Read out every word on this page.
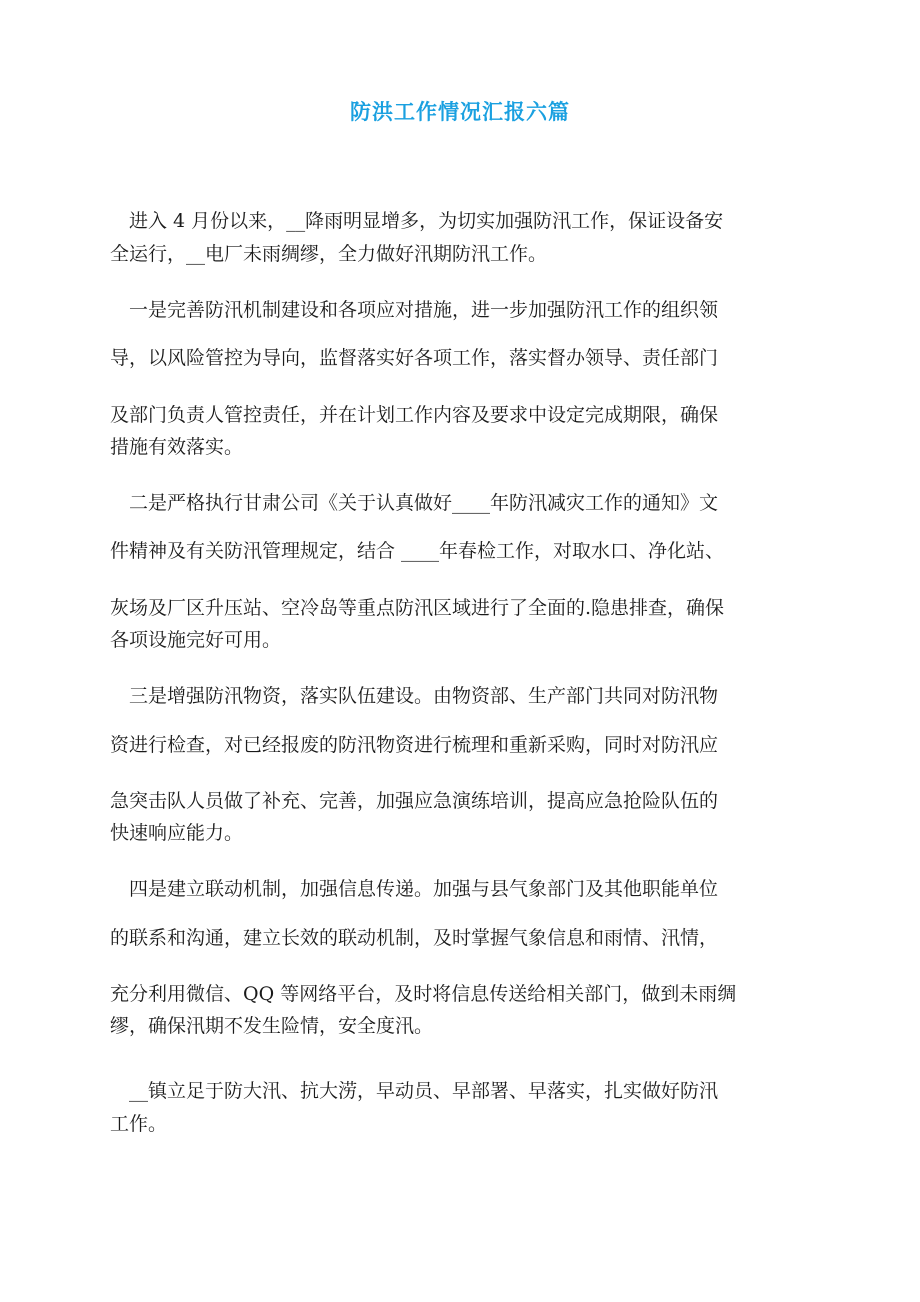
防洪工作情况汇报六篇

　进入 4 月份以来，__降雨明显增多，为切实加强防汛工作，保证设备安

全运行，__电厂未雨绸缪，全力做好汛期防汛工作。

　一是完善防汛机制建设和各项应对措施，进一步加强防汛工作的组织领

导，以风险管控为导向，监督落实好各项工作，落实督办领导、责任部门

及部门负责人管控责任，并在计划工作内容及要求中设定完成期限，确保

措施有效落实。

　二是严格执行甘肃公司《关于认真做好____年防汛减灾工作的通知》文

件精神及有关防汛管理规定，结合 ____年春检工作，对取水口、净化站、

灰场及厂区升压站、空冷岛等重点防汛区域进行了全面的.隐患排查，确保

各项设施完好可用。

　三是增强防汛物资，落实队伍建设。由物资部、生产部门共同对防汛物

资进行检查，对已经报废的防汛物资进行梳理和重新采购，同时对防汛应

急突击队人员做了补充、完善，加强应急演练培训，提高应急抢险队伍的

快速响应能力。

　四是建立联动机制，加强信息传递。加强与县气象部门及其他职能单位

的联系和沟通，建立长效的联动机制，及时掌握气象信息和雨情、汛情，

充分利用微信、QQ 等网络平台，及时将信息传送给相关部门，做到未雨绸

缪，确保汛期不发生险情，安全度汛。

　__镇立足于防大汛、抗大涝，早动员、早部署、早落实，扎实做好防汛

工作。
